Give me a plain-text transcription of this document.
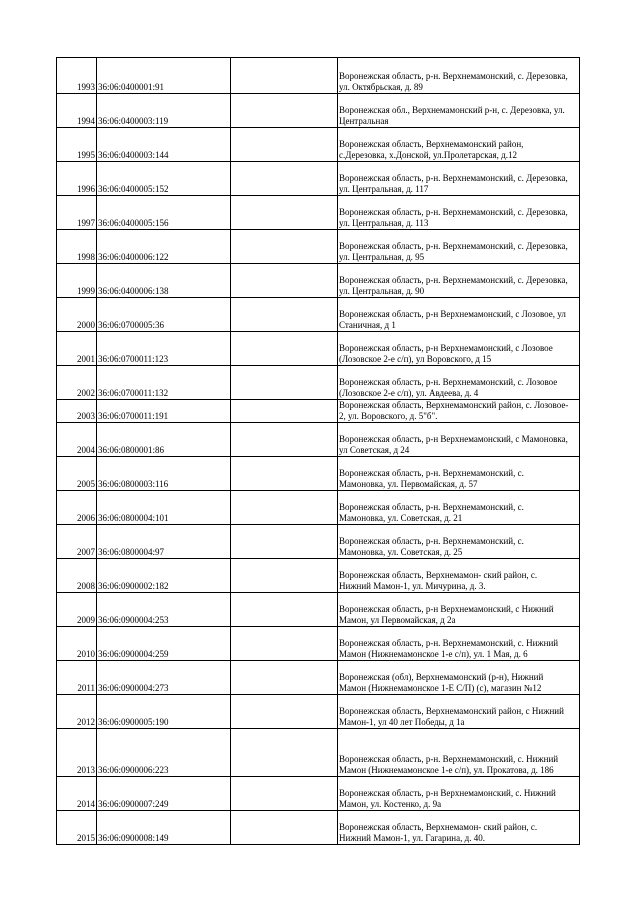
1993	36:06:0400001:91		Воронежская область, р-н. Верхнемамонский, с. Дерезовка,
ул. Октябрьская, д. 89

1994	36:06:0400003:119		Воронежская обл., Верхнемамонский р-н, с. Дерезовка, ул.
Центральная

1995	36:06:0400003:144		Воронежская область, Верхнемамонский район,
с.Дерезовка, х.Донской, ул.Пролетарская, д.12

1996	36:06:0400005:152		Воронежская область, р-н. Верхнемамонский, с. Дерезовка,
ул. Центральная, д. 117

1997	36:06:0400005:156		Воронежская область, р-н. Верхнемамонский, с. Дерезовка,
ул. Центральная, д. 113

1998	36:06:0400006:122		Воронежская область, р-н. Верхнемамонский, с. Дерезовка,
ул. Центральная, д. 95

1999	36:06:0400006:138		Воронежская область, р-н. Верхнемамонский, с. Дерезовка,
ул. Центральная, д. 90

2000	36:06:0700005:36		Воронежская область, р-н Верхнемамонский, с Лозовое, ул
Станичная, д 1

2001	36:06:0700011:123		Воронежская область, р-н Верхнемамонский, с Лозовое
(Лозовское 2-е с/п), ул Воровского, д 15

2002	36:06:0700011:132		Воронежская область, р-н. Верхнемамонский, с. Лозовое
(Лозовское 2-е с/п), ул. Авдеева, д. 4

2003	36:06:0700011:191		Воронежская область, Верхнемамонский район, с. Лозовое-
2, ул. Воровского, д. 5"б".

2004	36:06:0800001:86		Воронежская область, р-н Верхнемамонский, с Мамоновка,
ул Советская, д 24

2005	36:06:0800003:116		Воронежская область, р-н. Верхнемамонский, с.
Мамоновка, ул. Первомайская, д. 57

2006	36:06:0800004:101		Воронежская область, р-н. Верхнемамонский, с.
Мамоновка, ул. Советская, д. 21

2007	36:06:0800004:97		Воронежская область, р-н. Верхнемамонский, с.
Мамоновка, ул. Советская, д. 25

2008	36:06:0900002:182		Воронежская область, Верхнемамон- ский район, с.
Нижний Мамон-1, ул. Мичурина, д. 3.

2009	36:06:0900004:253		Воронежская область, р-н Верхнемамонский, с Нижний
Мамон, ул Первомайская, д 2а

2010	36:06:0900004:259		Воронежская область, р-н. Верхнемамонский, с. Нижний
Мамон (Нижнемамонское 1-е с/п), ул. 1 Мая, д. 6

2011	36:06:0900004:273		Воронежская (обл), Верхнемамонский (р-н), Нижний
Мамон (Нижнемамонское 1-Е С/П) (с), магазин №12

2012	36:06:0900005:190		Воронежская область, Верхнемамонский район, с Нижний
Мамон-1, ул 40 лет Победы, д 1а

2013	36:06:0900006:223		Воронежская область, р-н. Верхнемамонский, с. Нижний
Мамон (Нижнемамонское 1-е с/п), ул. Прокатова, д. 186

2014	36:06:0900007:249		Воронежская область, р-н Верхнемамонский, с. Нижний
Мамон, ул. Костенко, д. 9а

2015	36:06:0900008:149		Воронежская область, Верхнемамон- ский район, с.
Нижний Мамон-1, ул. Гагарина, д. 40.
